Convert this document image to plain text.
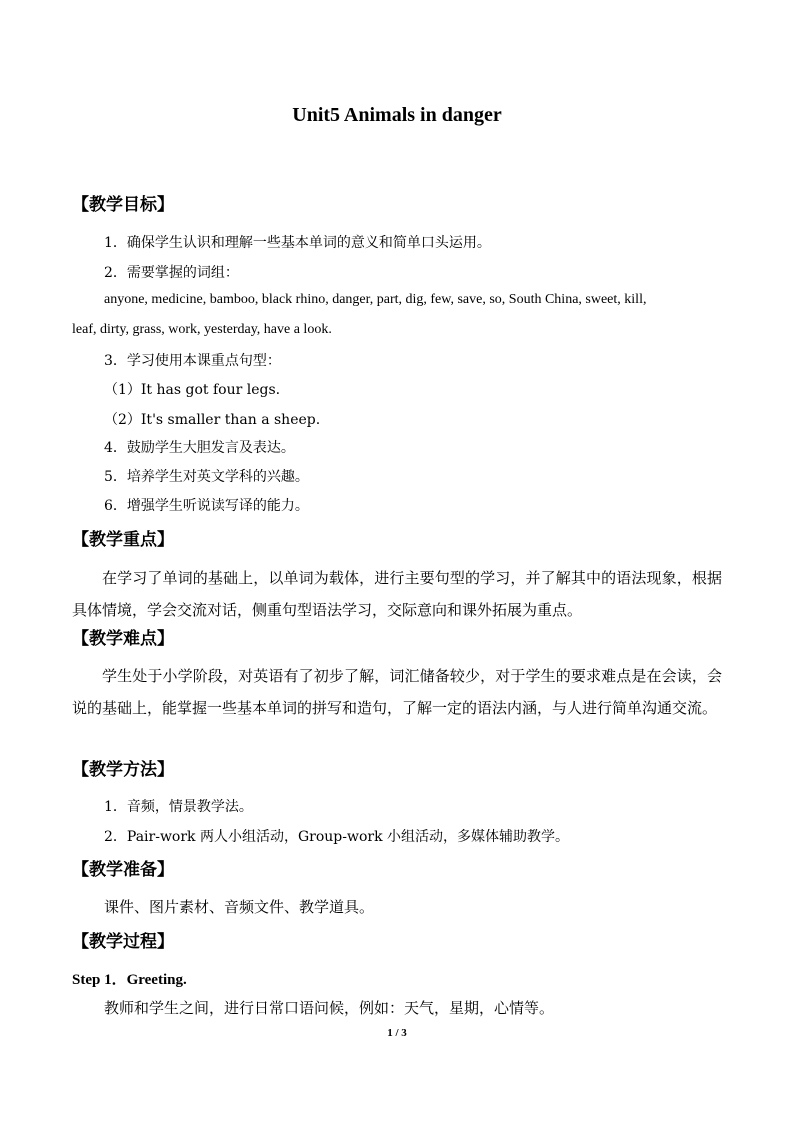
Unit5 Animals in danger
【教学目标】
1．确保学生认识和理解一些基本单词的意义和简单口头运用。
2．需要掌握的词组：
anyone, medicine, bamboo, black rhino, danger, part, dig, few, save, so, South China, sweet, kill,
leaf, dirty, grass, work, yesterday, have a look.
3．学习使用本课重点句型：
（1）It has got four legs.
（2）It's smaller than a sheep.
4．鼓励学生大胆发言及表达。
5．培养学生对英文学科的兴趣。
6．增强学生听说读写译的能力。
【教学重点】

在学习了单词的基础上，以单词为载体，进行主要句型的学习，并了解其中的语法现象，根据具体情境，学会交流对话，侧重句型语法学习，交际意向和课外拓展为重点。

【教学难点】

学生处于小学阶段，对英语有了初步了解，词汇储备较少，对于学生的要求难点是在会读，会说的基础上，能掌握一些基本单词的拼写和造句，了解一定的语法内涵，与人进行简单沟通交流。

【教学方法】
1．音频，情景教学法。
2．Pair-work 两人小组活动，Group-work 小组活动，多媒体辅助教学。
【教学准备】
课件、图片素材、音频文件、教学道具。
【教学过程】
Step 1．Greeting.
教师和学生之间，进行日常口语问候，例如：天气，星期，心情等。
1 / 3
